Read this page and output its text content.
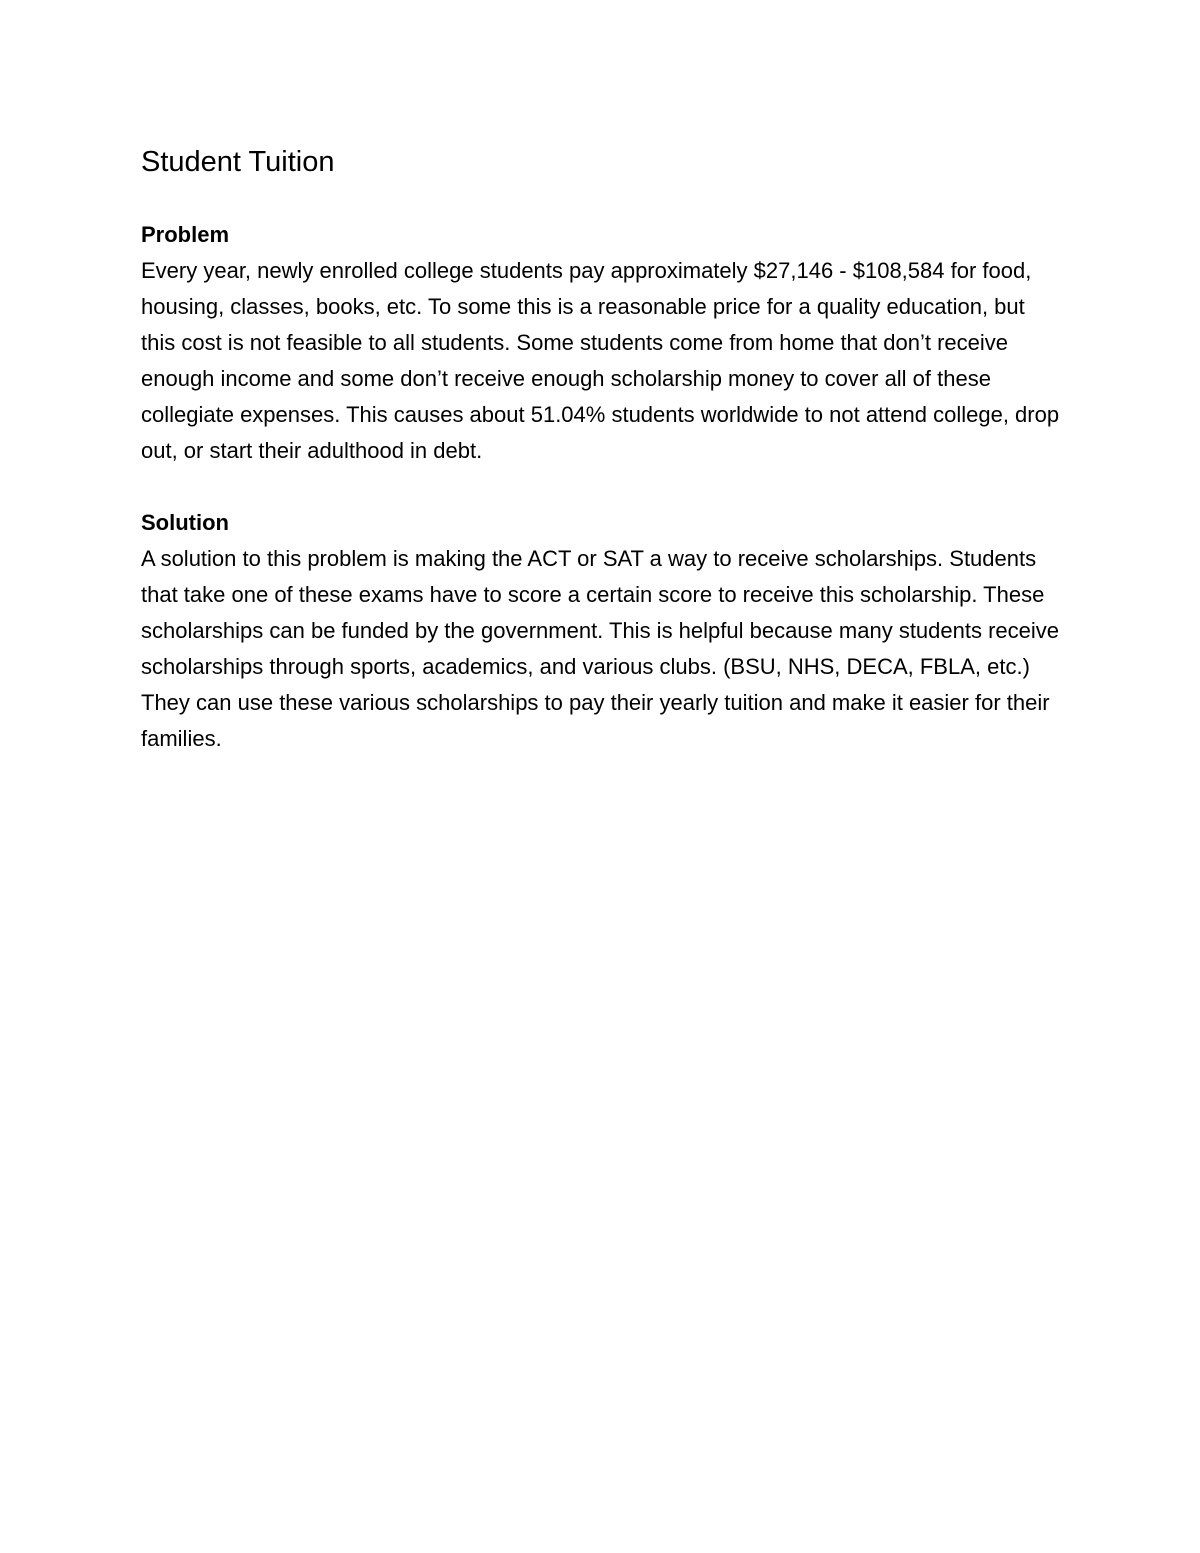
Student Tuition
Problem

Every year, newly enrolled college students pay approximately $27,146 - $108,584 for food, housing, classes, books, etc. To some this is a reasonable price for a quality education, but this cost is not feasible to all students. Some students come from home that don’t receive enough income and some don’t receive enough scholarship money to cover all of these collegiate expenses. This causes about 51.04% students worldwide to not attend college, drop out, or start their adulthood in debt.

Solution

A solution to this problem is making the ACT or SAT a way to receive scholarships. Students that take one of these exams have to score a certain score to receive this scholarship. These scholarships can be funded by the government. This is helpful because many students receive scholarships through sports, academics, and various clubs. (BSU, NHS, DECA, FBLA, etc.) They can use these various scholarships to pay their yearly tuition and make it easier for their families.
